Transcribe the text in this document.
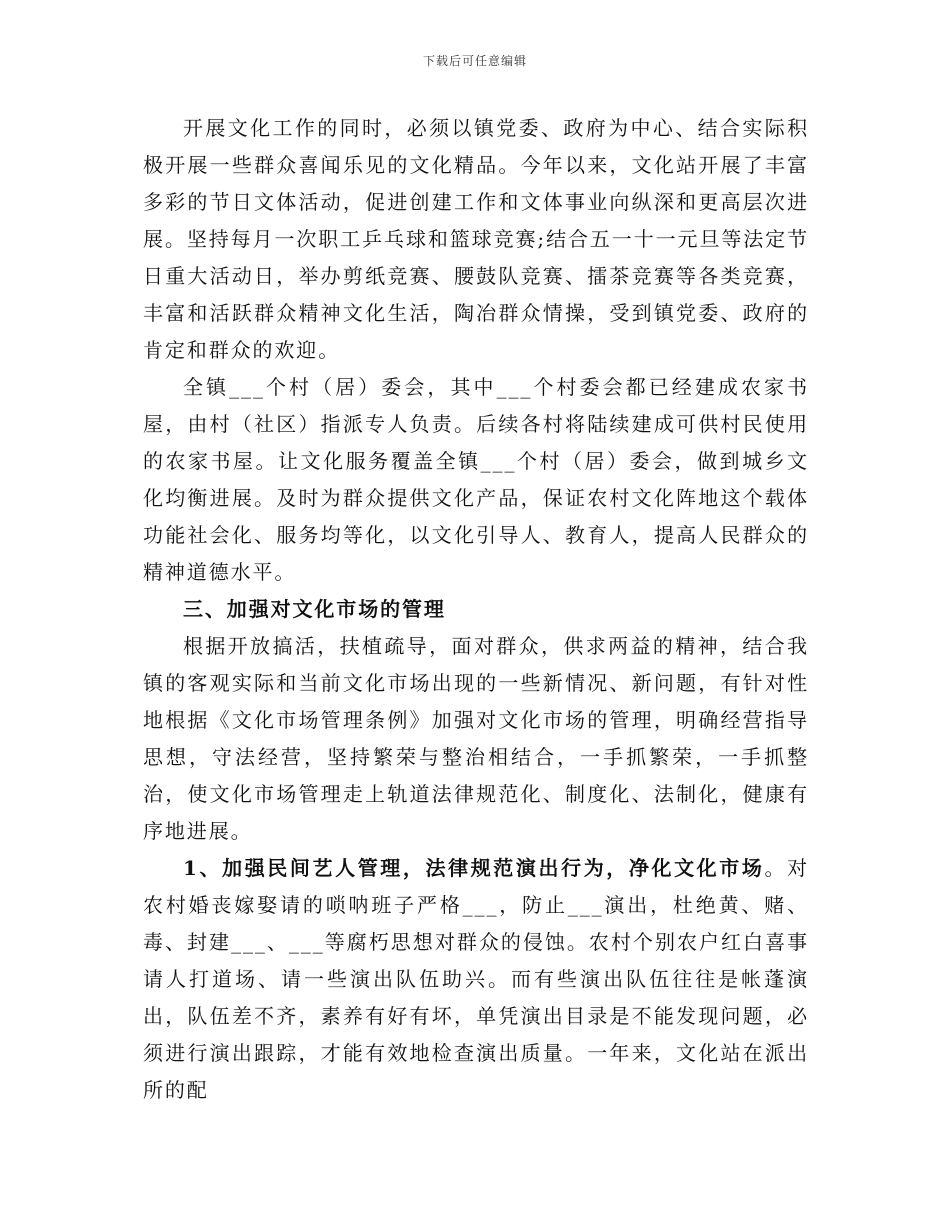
下载后可任意编辑

开展文化工作的同时，必须以镇党委、政府为中心、结合实际积极开展一些群众喜闻乐见的文化精品。今年以来，文化站开展了丰富多彩的节日文体活动，促进创建工作和文体事业向纵深和更高层次进展。坚持每月一次职工乒乓球和篮球竞赛;结合五一十一元旦等法定节日重大活动日，举办剪纸竞赛、腰鼓队竞赛、擂茶竞赛等各类竞赛，丰富和活跃群众精神文化生活，陶冶群众情操，受到镇党委、政府的肯定和群众的欢迎。

全镇___个村（居）委会，其中___个村委会都已经建成农家书屋，由村（社区）指派专人负责。后续各村将陆续建成可供村民使用的农家书屋。让文化服务覆盖全镇___个村（居）委会，做到城乡文化均衡进展。及时为群众提供文化产品，保证农村文化阵地这个载体功能社会化、服务均等化，以文化引导人、教育人，提高人民群众的精神道德水平。

三、加强对文化市场的管理

根据开放搞活，扶植疏导，面对群众，供求两益的精神，结合我镇的客观实际和当前文化市场出现的一些新情况、新问题，有针对性地根据《文化市场管理条例》加强对文化市场的管理，明确经营指导思想，守法经营，坚持繁荣与整治相结合，一手抓繁荣，一手抓整治，使文化市场管理走上轨道法律规范化、制度化、法制化，健康有序地进展。

1、加强民间艺人管理，法律规范演出行为，净化文化市场。对农村婚丧嫁娶请的唢呐班子严格___，防止___演出，杜绝黄、赌、毒、封建___、___等腐朽思想对群众的侵蚀。农村个别农户红白喜事请人打道场、请一些演出队伍助兴。而有些演出队伍往往是帐蓬演出，队伍差不齐，素养有好有坏，单凭演出目录是不能发现问题，必须进行演出跟踪，才能有效地检查演出质量。一年来，文化站在派出所的配
